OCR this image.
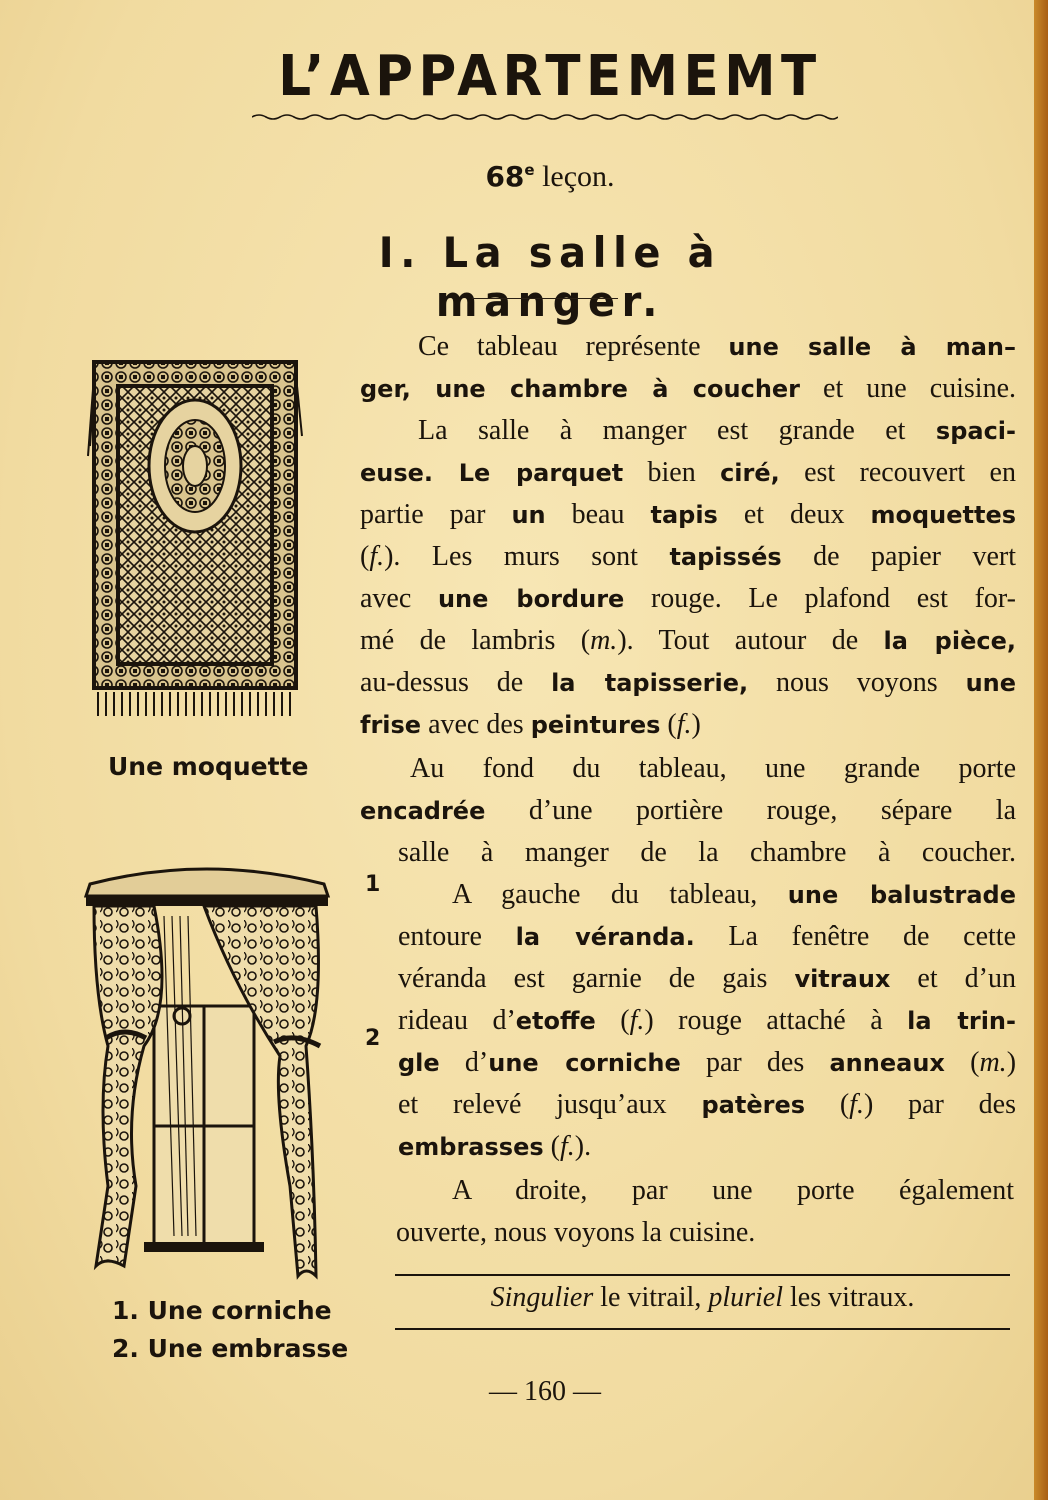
L’APPARTEMEMT
68e leçon.
I. La salle à manger.
Une moquette
1
2
1. Une corniche
2. Une embrasse
Ce tableau représente une salle à man–
ger, une chambre à coucher et une cuisine.
La salle à manger est grande et spaci-
euse. Le parquet bien ciré, est recouvert en
partie par un beau tapis et deux moquettes
(f.). Les murs sont tapissés de papier vert
avec une bordure rouge. Le plafond est for-
mé de lambris (m.). Tout autour de la pièce,
au-dessus de la tapisserie, nous voyons une
frise avec des peintures (f.)
Au fond du tableau, une grande porte
encadrée d’une portière rouge, sépare la
salle à manger de la chambre à coucher.
A gauche du tableau, une balustrade
entoure la véranda. La fenêtre de cette
véranda est garnie de gais vitraux et d’un
rideau d’etoffe (f.) rouge attaché à la trin-
gle d’une corniche par des anneaux (m.)
et relevé jusqu’aux patères (f.) par des
embrasses (f.).
A droite, par une porte également
ouverte, nous voyons la cuisine.
Singulier le vitrail, pluriel les vitraux.
— 160 —
